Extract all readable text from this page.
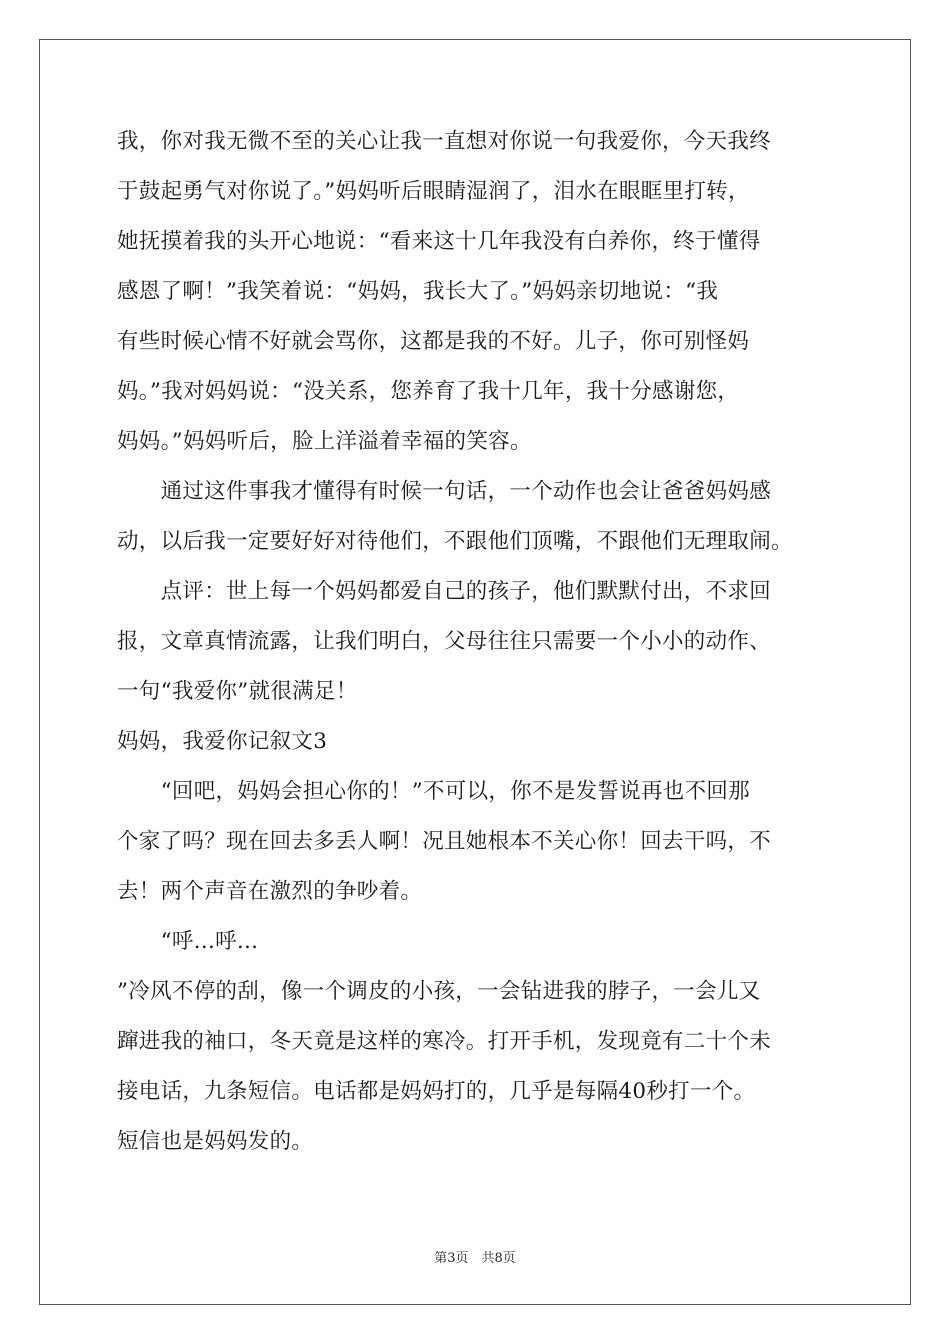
我，你对我无微不至的关心让我一直想对你说一句我爱你，今天我终
于鼓起勇气对你说了。”妈妈听后眼睛湿润了，泪水在眼眶里打转，
她抚摸着我的头开心地说：“看来这十几年我没有白养你，终于懂得
感恩了啊！”我笑着说：“妈妈，我长大了。”妈妈亲切地说：“我
有些时候心情不好就会骂你，这都是我的不好。儿子，你可别怪妈
妈。”我对妈妈说：“没关系，您养育了我十几年，我十分感谢您，
妈妈。”妈妈听后，脸上洋溢着幸福的笑容。
　　通过这件事我才懂得有时候一句话，一个动作也会让爸爸妈妈感
动，以后我一定要好好对待他们，不跟他们顶嘴，不跟他们无理取闹。
　　点评：世上每一个妈妈都爱自己的孩子，他们默默付出，不求回
报，文章真情流露，让我们明白，父母往往只需要一个小小的动作、
一句“我爱你”就很满足！
妈妈，我爱你记叙文3
　　“回吧，妈妈会担心你的！”不可以，你不是发誓说再也不回那
个家了吗？现在回去多丢人啊！况且她根本不关心你！回去干吗，不
去！两个声音在激烈的争吵着。
　　“呼...呼...
”冷风不停的刮，像一个调皮的小孩，一会钻进我的脖子，一会儿又
蹿进我的袖口，冬天竟是这样的寒冷。打开手机，发现竟有二十个未
接电话，九条短信。电话都是妈妈打的，几乎是每隔40秒打一个。
短信也是妈妈发的。
第3页　共8页
